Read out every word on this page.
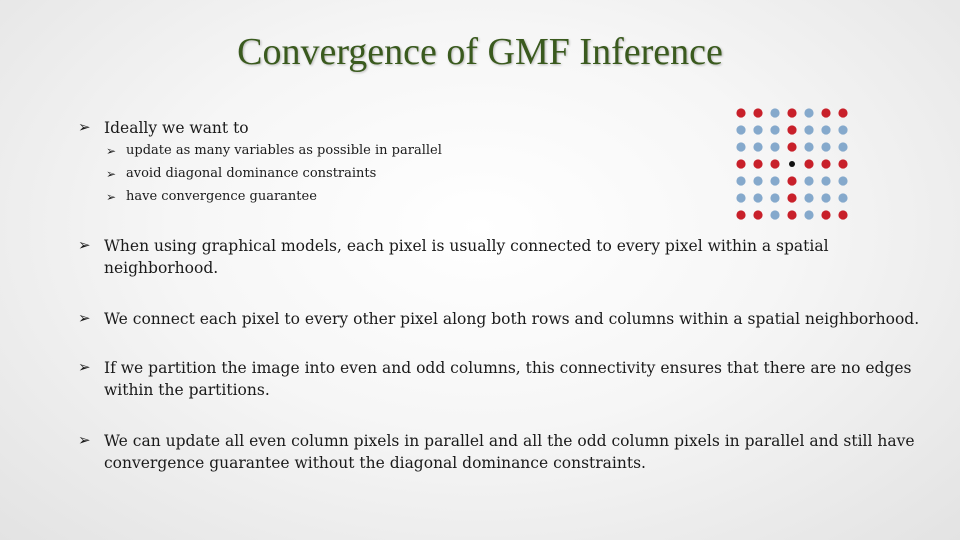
Convergence of GMF Inference
➢ Ideally we want to
➢ update as many variables as possible in parallel
➢ avoid diagonal dominance constraints
➢ have convergence guarantee
➢ When using graphical models, each pixel is usually connected to every pixel within a spatial neighborhood.
➢ We connect each pixel to every other pixel along both rows and columns within a spatial neighborhood.
➢ If we partition the image into even and odd columns, this connectivity ensures that there are no edges within the partitions.
➢ We can update all even column pixels in parallel and all the odd column pixels in parallel and still have convergence guarantee without the diagonal dominance constraints.
